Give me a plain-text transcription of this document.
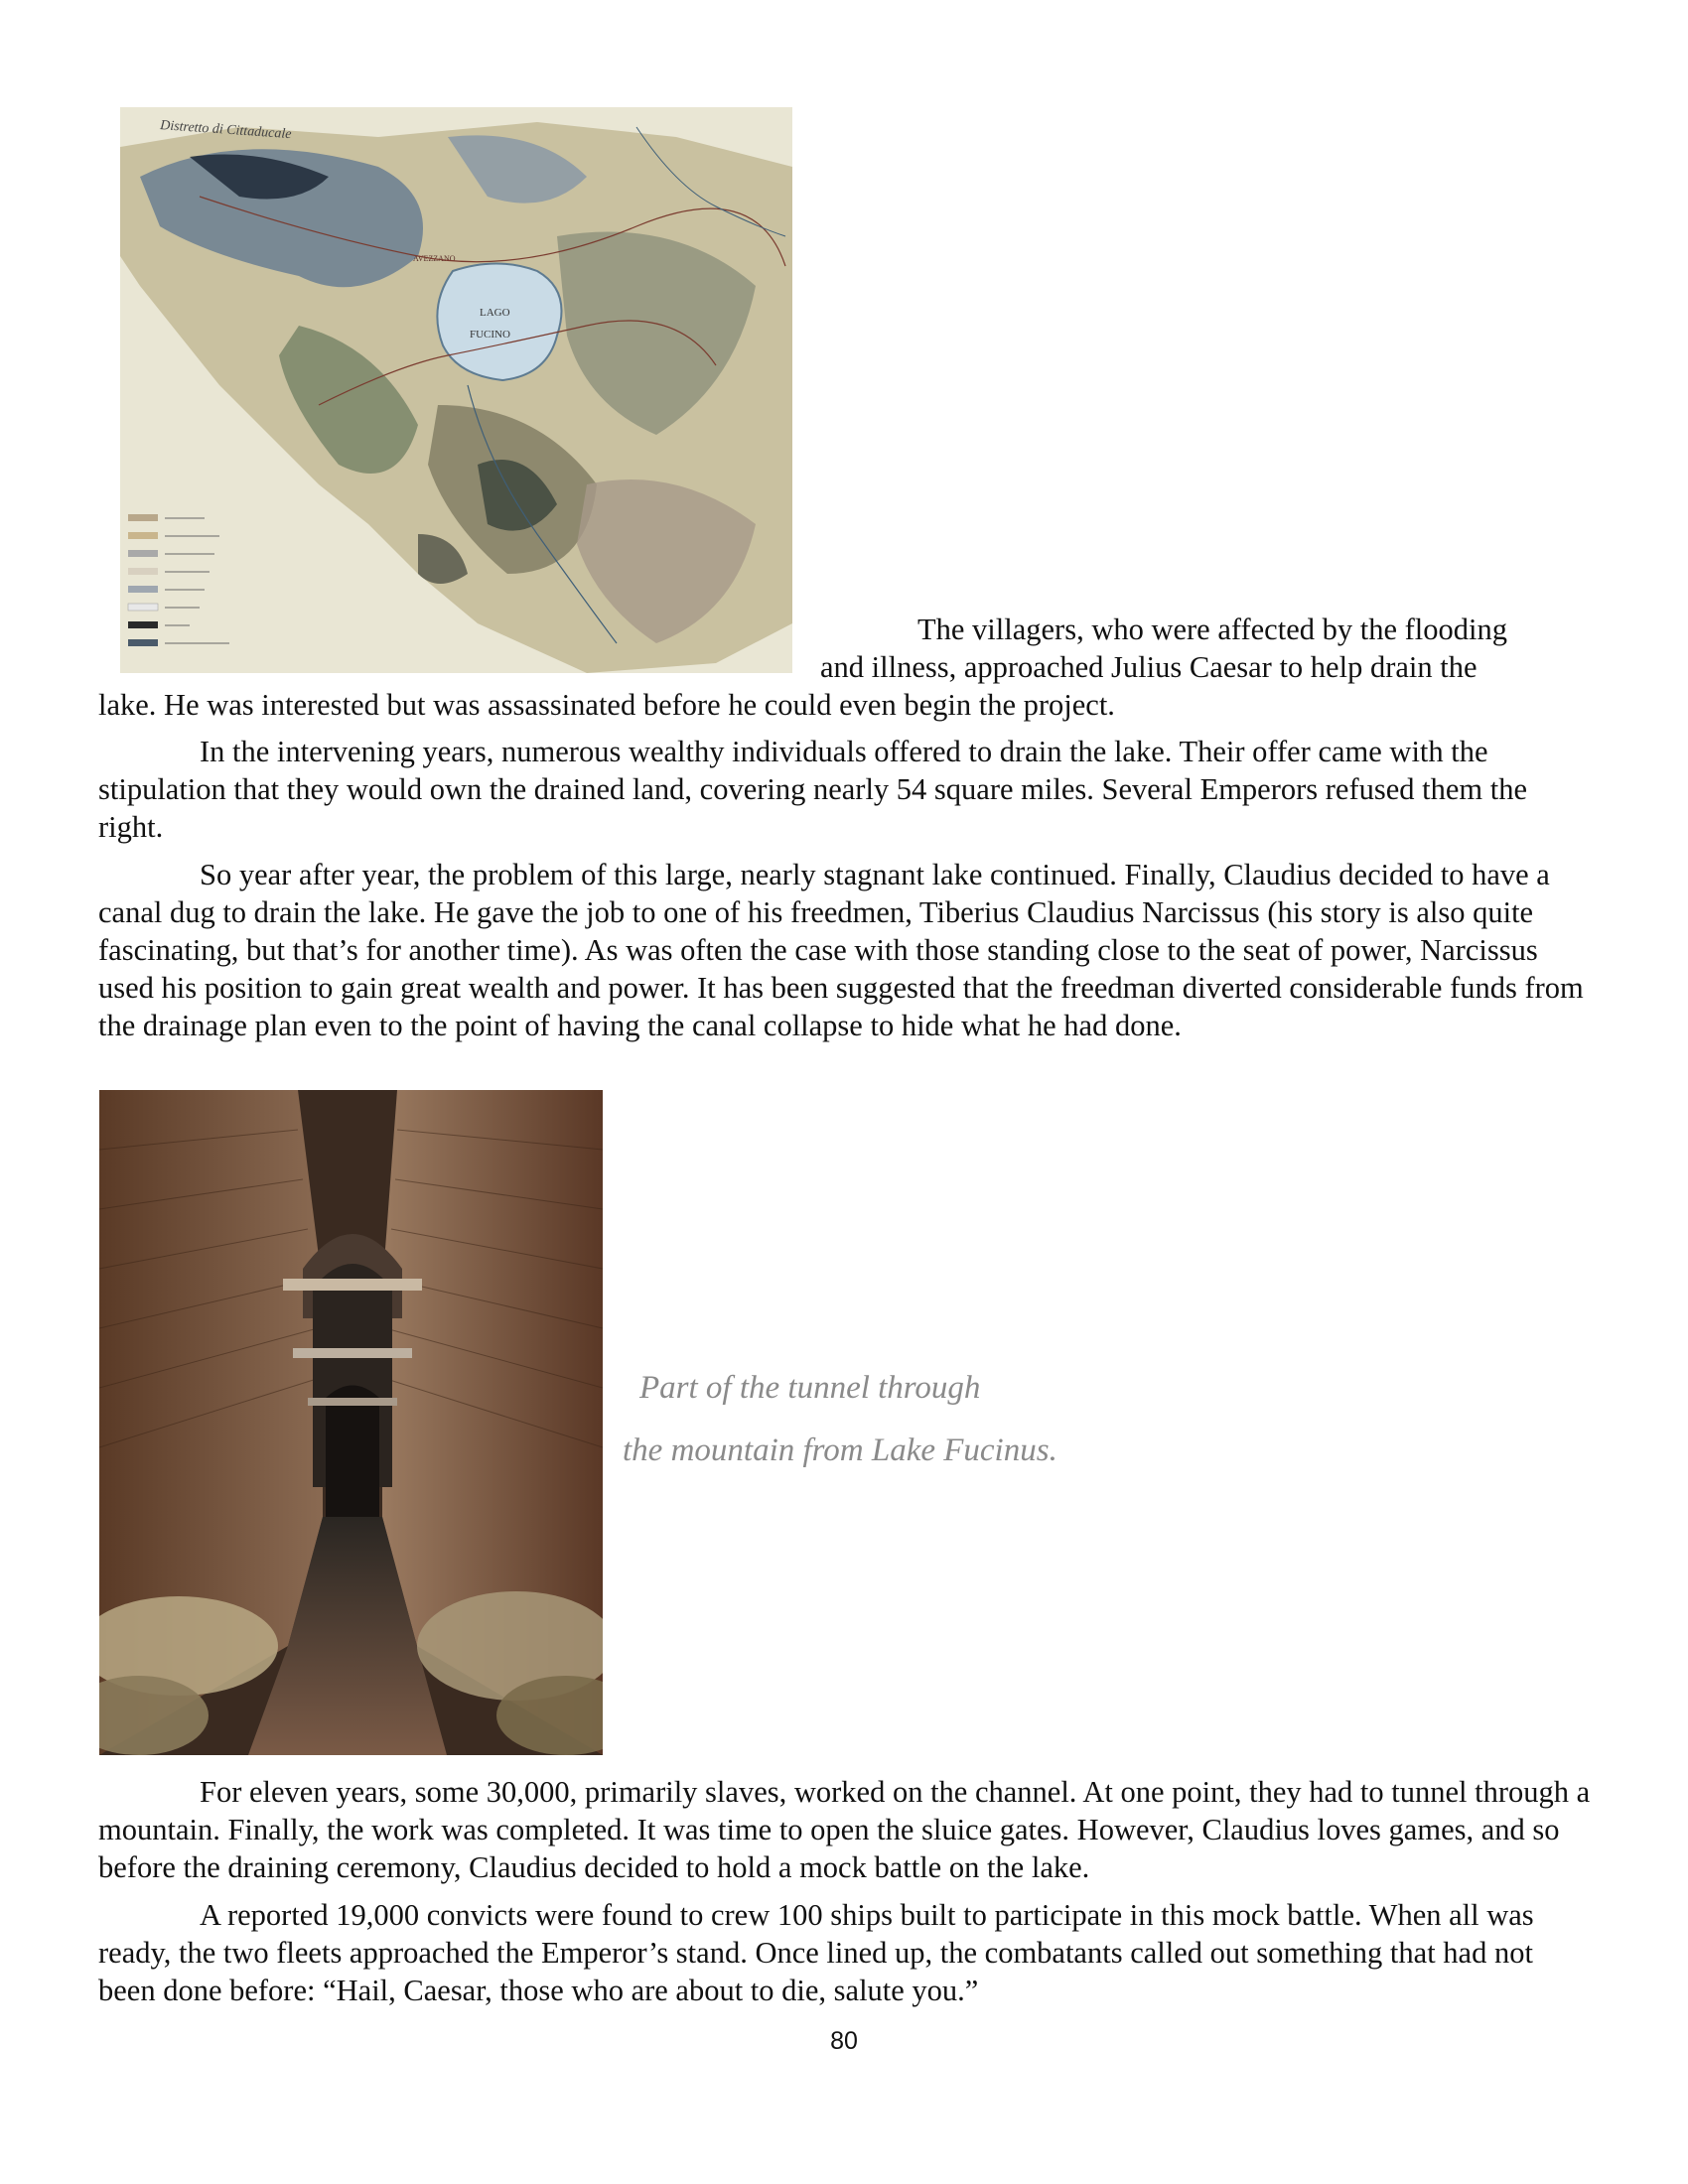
LAGO
FUCINO
AVEZZANO
Distretto di Cittaducale
The villagers, who were affected by the flooding
and illness, approached Julius Caesar to help drain the
lake. He was interested but was assassinated before he could even begin the project.

In the intervening years, numerous wealthy individuals offered to drain the lake. Their offer came with the stipulation that they would own the drained land, covering nearly 54 square miles. Several Emperors refused them the right.

So year after year, the problem of this large, nearly stagnant lake continued. Finally, Claudius decided to have a canal dug to drain the lake. He gave the job to one of his freedmen, Tiberius Claudius Narcissus (his story is also quite fascinating, but that’s for another time). As was often the case with those standing close to the seat of power, Narcissus used his position to gain great wealth and power. It has been suggested that the freedman diverted considerable funds from the drainage plan even to the point of having the canal collapse to hide what he had done.

Part of the tunnel through
the mountain from Lake Fucinus.

For eleven years, some 30,000, primarily slaves, worked on the channel. At one point, they had to tunnel through a mountain. Finally, the work was completed. It was time to open the sluice gates. However, Claudius loves games, and so before the draining ceremony, Claudius decided to hold a mock battle on the lake.

A reported 19,000 convicts were found to crew 100 ships built to participate in this mock battle. When all was ready, the two fleets approached the Emperor’s stand. Once lined up, the combatants called out something that had not been done before: “Hail, Caesar, those who are about to die, salute you.”

80
